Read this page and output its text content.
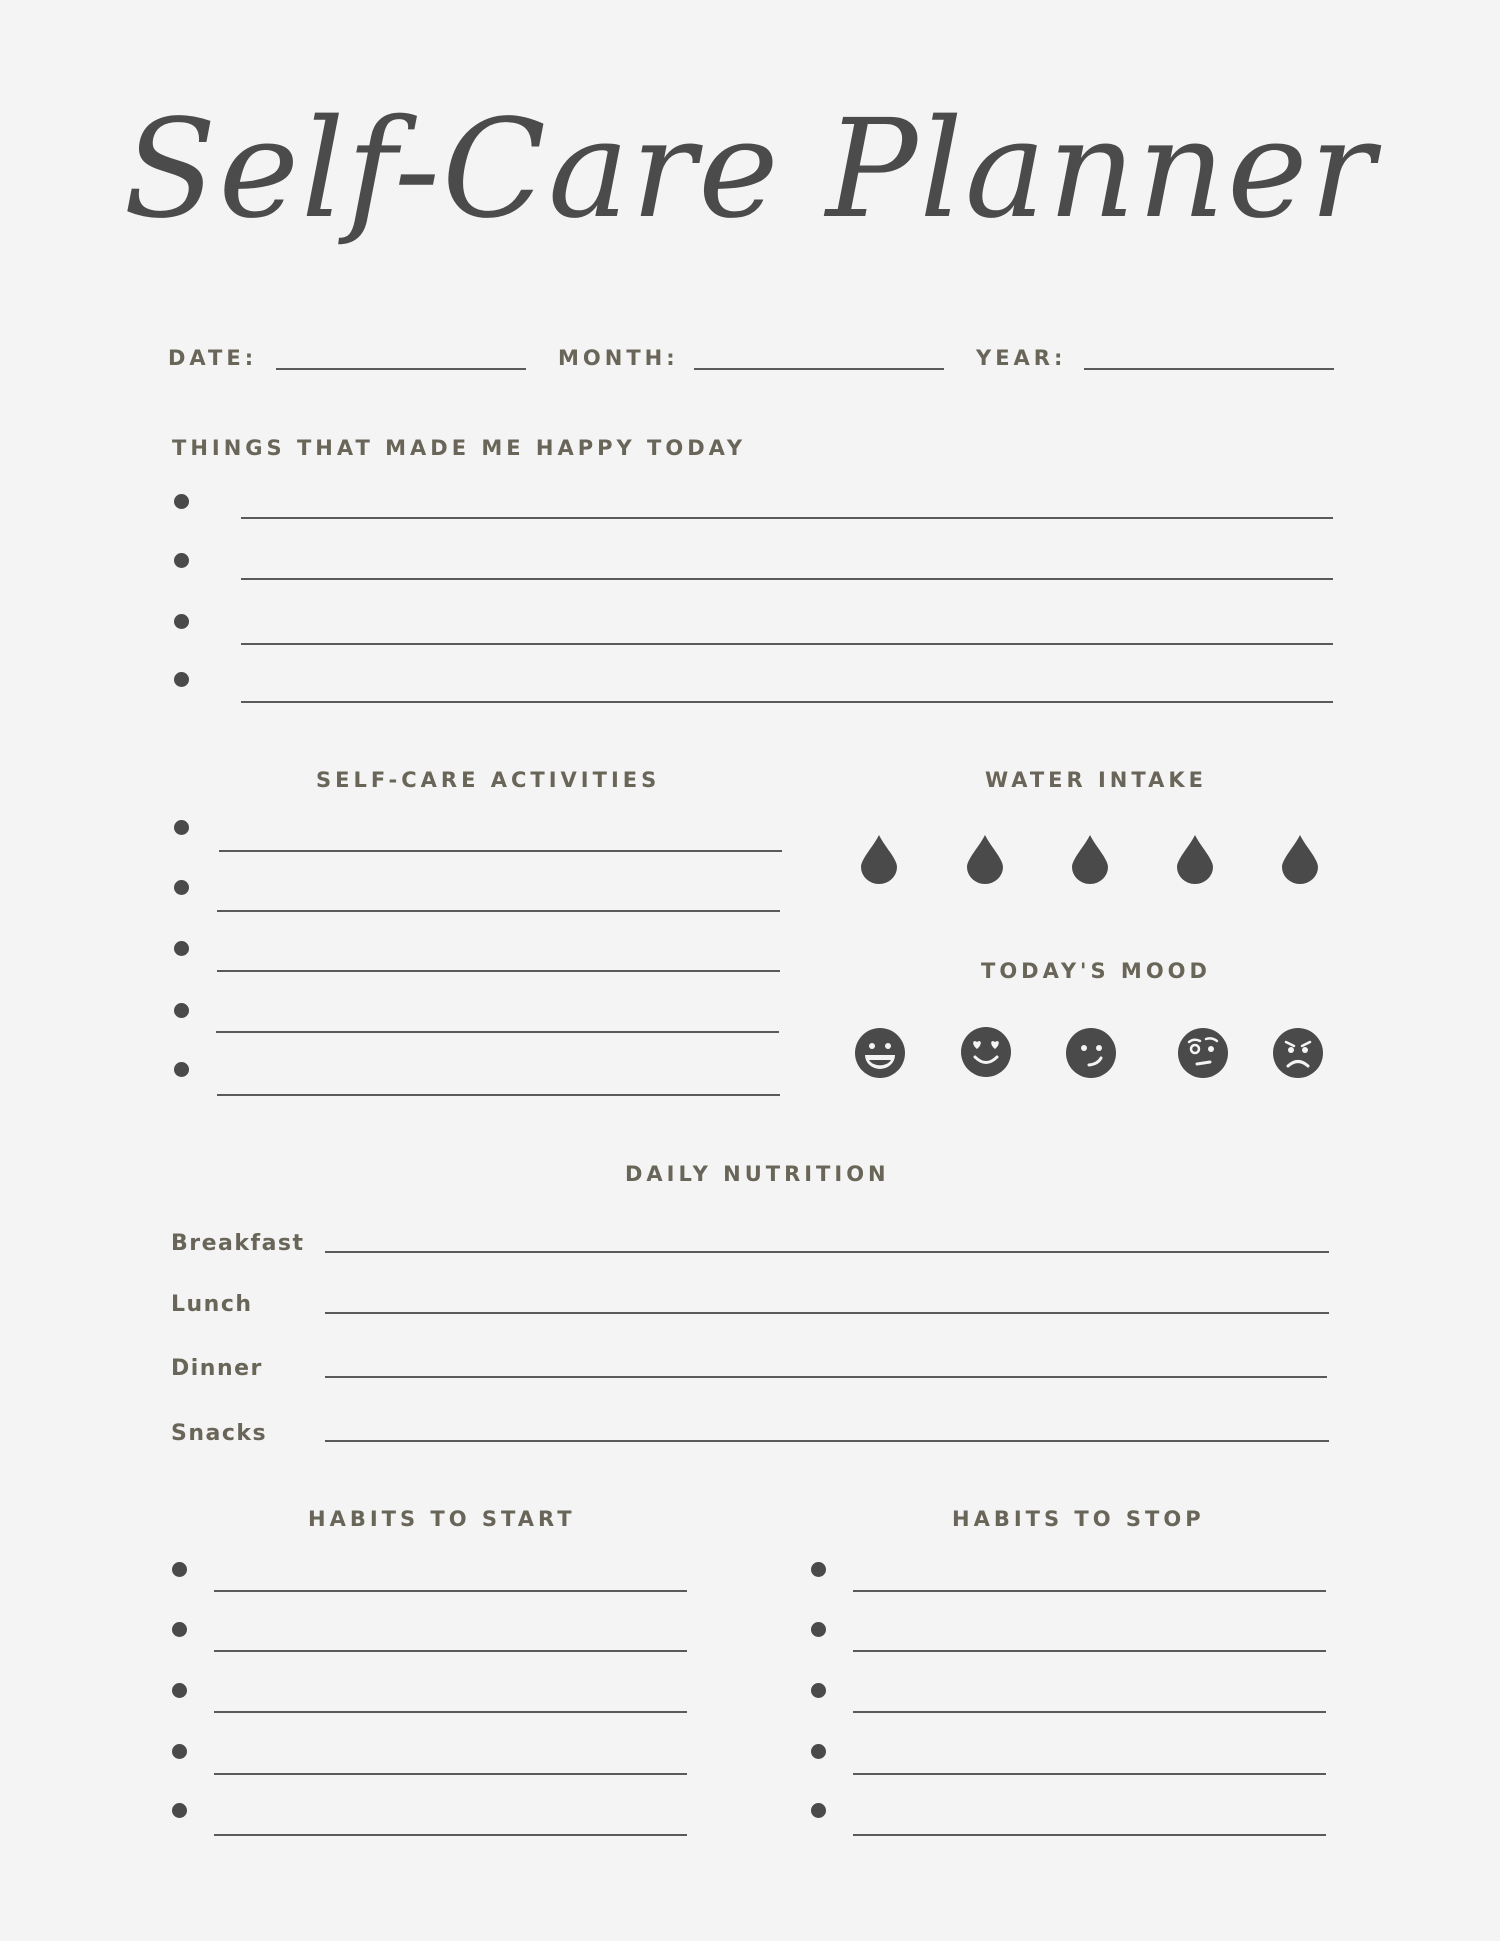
Self-Care Planner
DATE:	MONTH:	YEAR:
THINGS THAT MADE ME HAPPY TODAY
SELF-CARE ACTIVITIES	WATER INTAKE
TODAY'S MOOD
DAILY NUTRITION
Breakfast
Lunch
Dinner
Snacks
HABITS TO START	HABITS TO STOP
